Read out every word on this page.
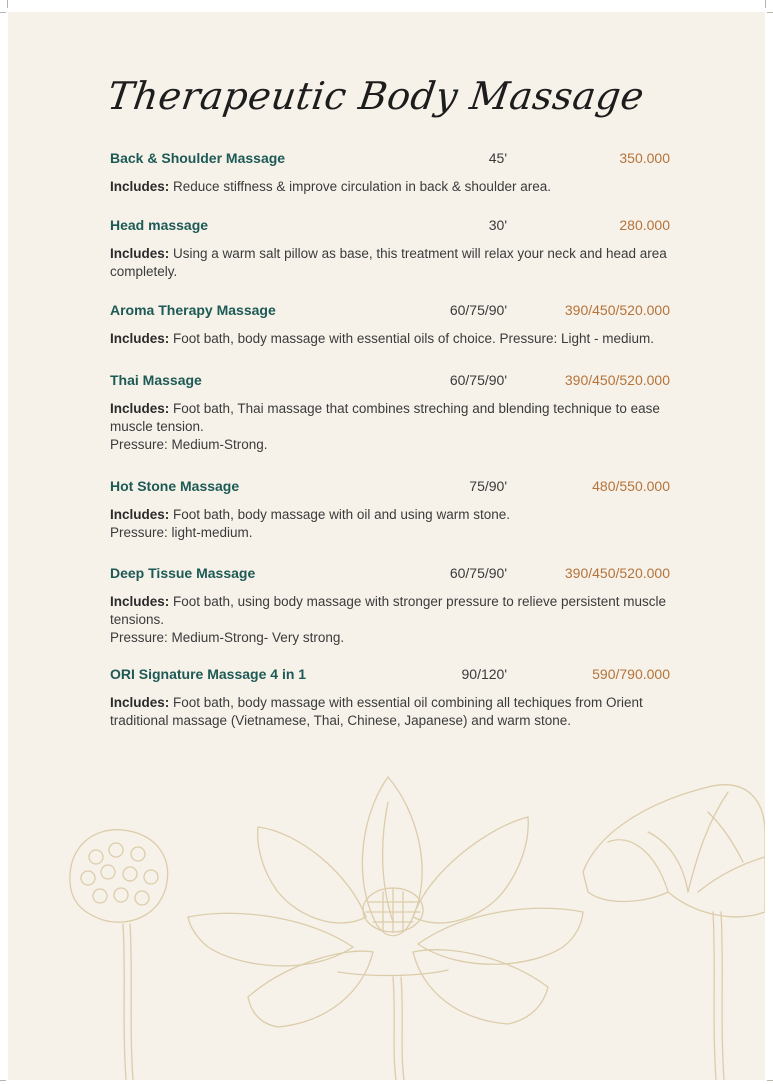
Therapeutic Body Massage
Back & Shoulder Massage	45'	350.000
Includes: Reduce stiffness & improve circulation in back & shoulder area.
Head massage	30'	280.000
Includes: Using a warm salt pillow as base, this treatment will relax your neck and head area completely.
Aroma Therapy Massage	60/75/90'	390/450/520.000
Includes: Foot bath, body massage with essential oils of choice. Pressure: Light - medium.
Thai Massage	60/75/90'	390/450/520.000
Includes: Foot bath, Thai massage that combines streching and blending technique to ease muscle tension.
Pressure: Medium-Strong.
Hot Stone Massage	75/90'	480/550.000
Includes: Foot bath, body massage with oil and using warm stone.
Pressure: light-medium.
Deep Tissue Massage	60/75/90'	390/450/520.000
Includes: Foot bath, using body massage with stronger pressure to relieve persistent muscle tensions.
Pressure: Medium-Strong- Very strong.
ORI Signature Massage 4 in 1	90/120'	590/790.000
Includes: Foot bath, body massage with essential oil combining all techiques from Orient traditional massage (Vietnamese, Thai, Chinese, Japanese) and warm stone.
